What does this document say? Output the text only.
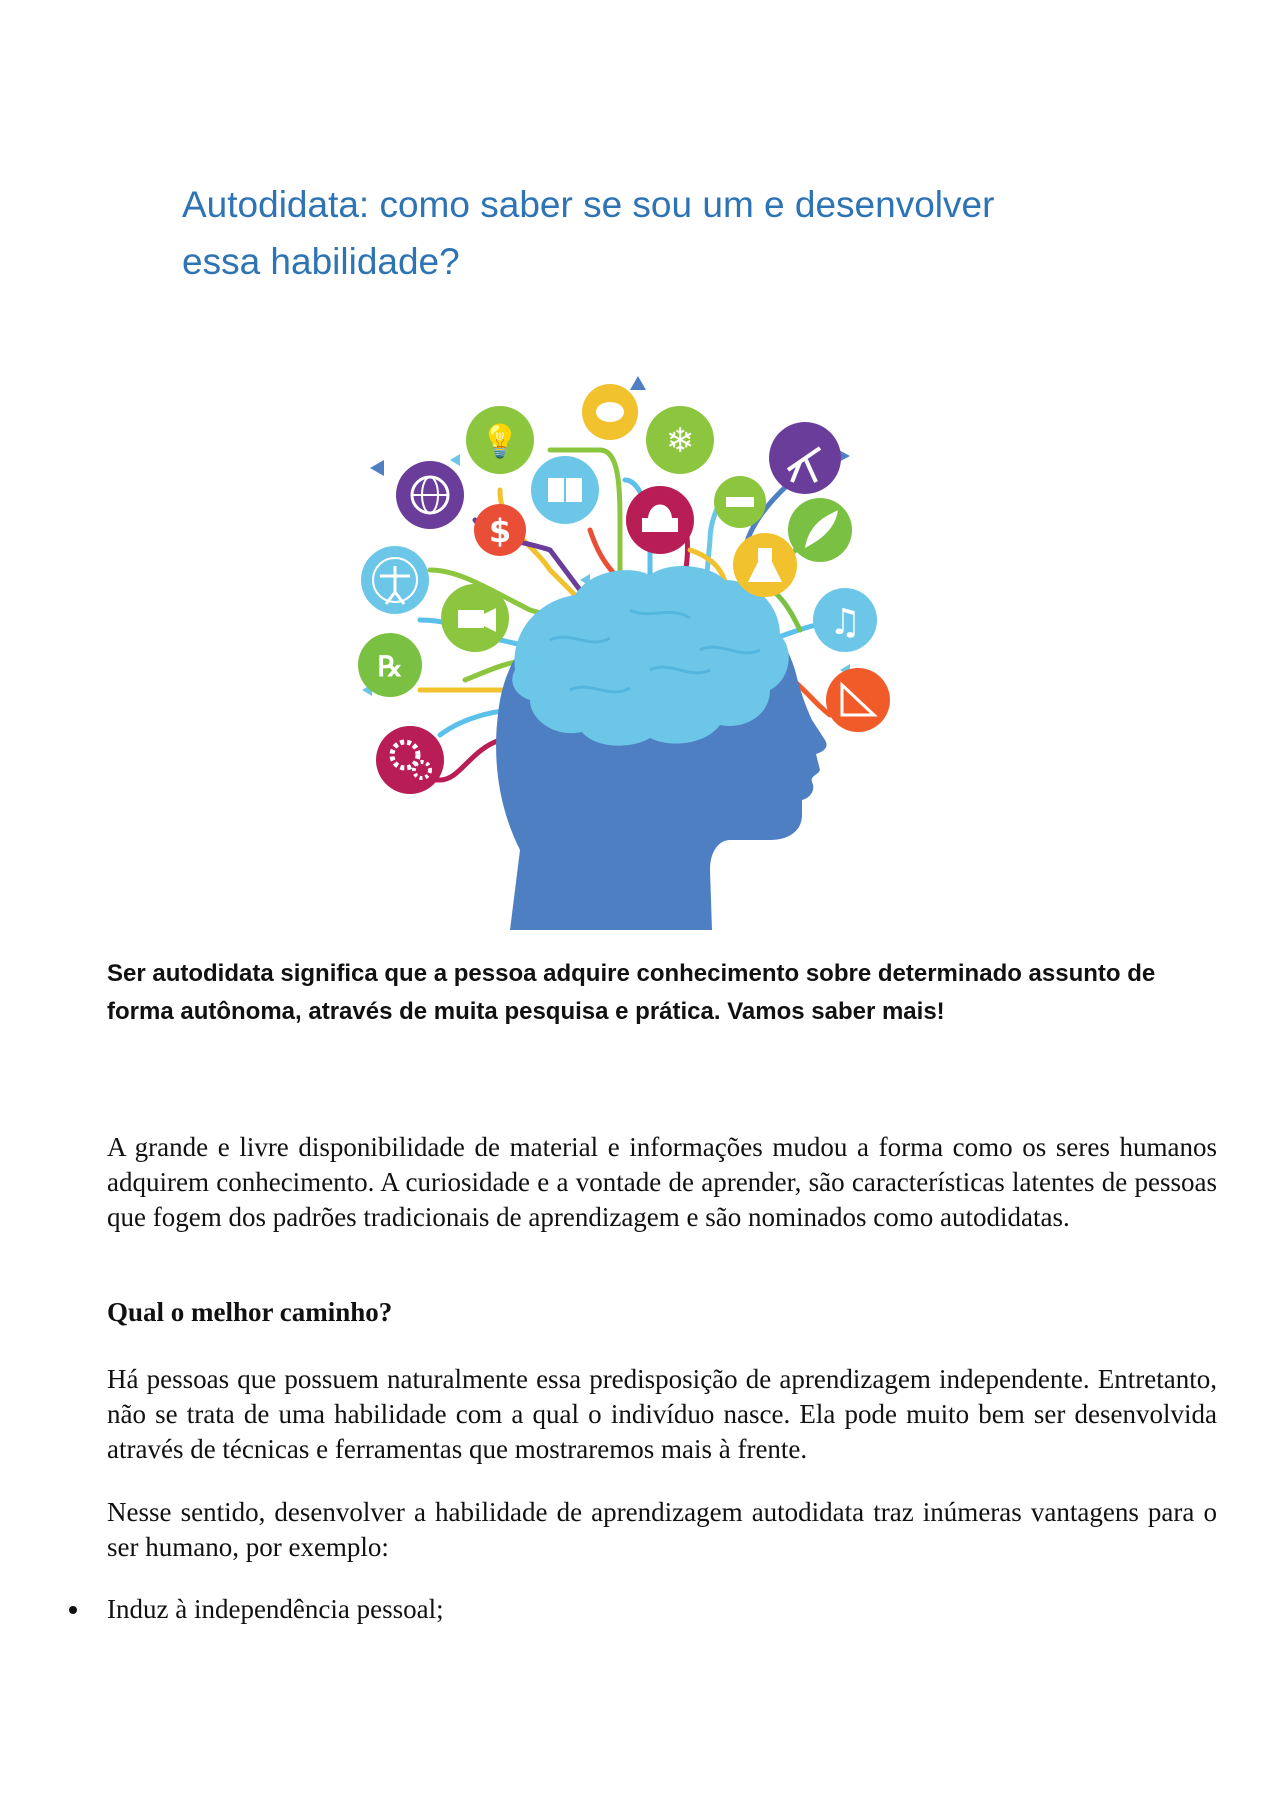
Autodidata: como saber se sou um e desenvolver
essa habilidade?
💡	❄
$
♫
℞

Ser autodidata significa que a pessoa adquire conhecimento sobre determinado assunto de forma autônoma, através de muita pesquisa e prática. Vamos saber mais!

A grande e livre disponibilidade de material e informações mudou a forma como os seres humanos adquirem conhecimento. A curiosidade e a vontade de aprender, são características latentes de pessoas que fogem dos padrões tradicionais de aprendizagem e são nominados como autodidatas.

Qual o melhor caminho?

Há pessoas que possuem naturalmente essa predisposição de aprendizagem independente. Entretanto, não se trata de uma habilidade com a qual o indivíduo nasce. Ela pode muito bem ser desenvolvida através de técnicas e ferramentas que mostraremos mais à frente.

Nesse sentido, desenvolver a habilidade de aprendizagem autodidata traz inúmeras vantagens para o ser humano, por exemplo:

Induz à independência pessoal;
